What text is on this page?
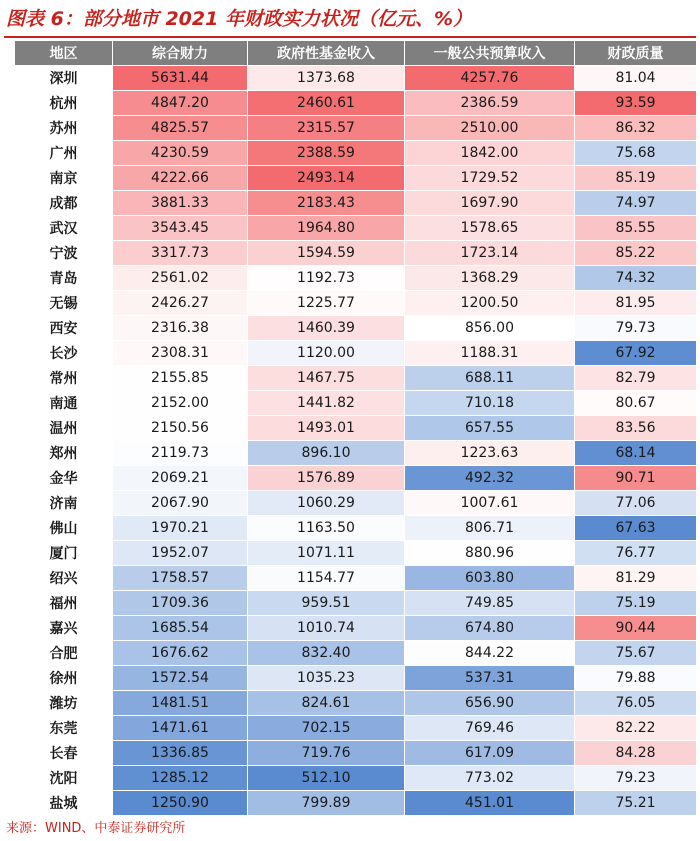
图表 6：部分地市 2021 年财政实力状况（亿元、%）
地区	综合财力	政府性基金收入	一般公共预算收入	财政质量
深圳	5631.44	1373.68	4257.76	81.04
杭州	4847.20	2460.61	2386.59	93.59
苏州	4825.57	2315.57	2510.00	86.32
广州	4230.59	2388.59	1842.00	75.68
南京	4222.66	2493.14	1729.52	85.19
成都	3881.33	2183.43	1697.90	74.97
武汉	3543.45	1964.80	1578.65	85.55
宁波	3317.73	1594.59	1723.14	85.22
青岛	2561.02	1192.73	1368.29	74.32
无锡	2426.27	1225.77	1200.50	81.95
西安	2316.38	1460.39	856.00	79.73
长沙	2308.31	1120.00	1188.31	67.92
常州	2155.85	1467.75	688.11	82.79
南通	2152.00	1441.82	710.18	80.67
温州	2150.56	1493.01	657.55	83.56
郑州	2119.73	896.10	1223.63	68.14
金华	2069.21	1576.89	492.32	90.71
济南	2067.90	1060.29	1007.61	77.06
佛山	1970.21	1163.50	806.71	67.63
厦门	1952.07	1071.11	880.96	76.77
绍兴	1758.57	1154.77	603.80	81.29
福州	1709.36	959.51	749.85	75.19
嘉兴	1685.54	1010.74	674.80	90.44
合肥	1676.62	832.40	844.22	75.67
徐州	1572.54	1035.23	537.31	79.88
潍坊	1481.51	824.61	656.90	76.05
东莞	1471.61	702.15	769.46	82.22
长春	1336.85	719.76	617.09	84.28
沈阳	1285.12	512.10	773.02	79.23
盐城	1250.90	799.89	451.01	75.21
来源：WIND、中泰证券研究所
